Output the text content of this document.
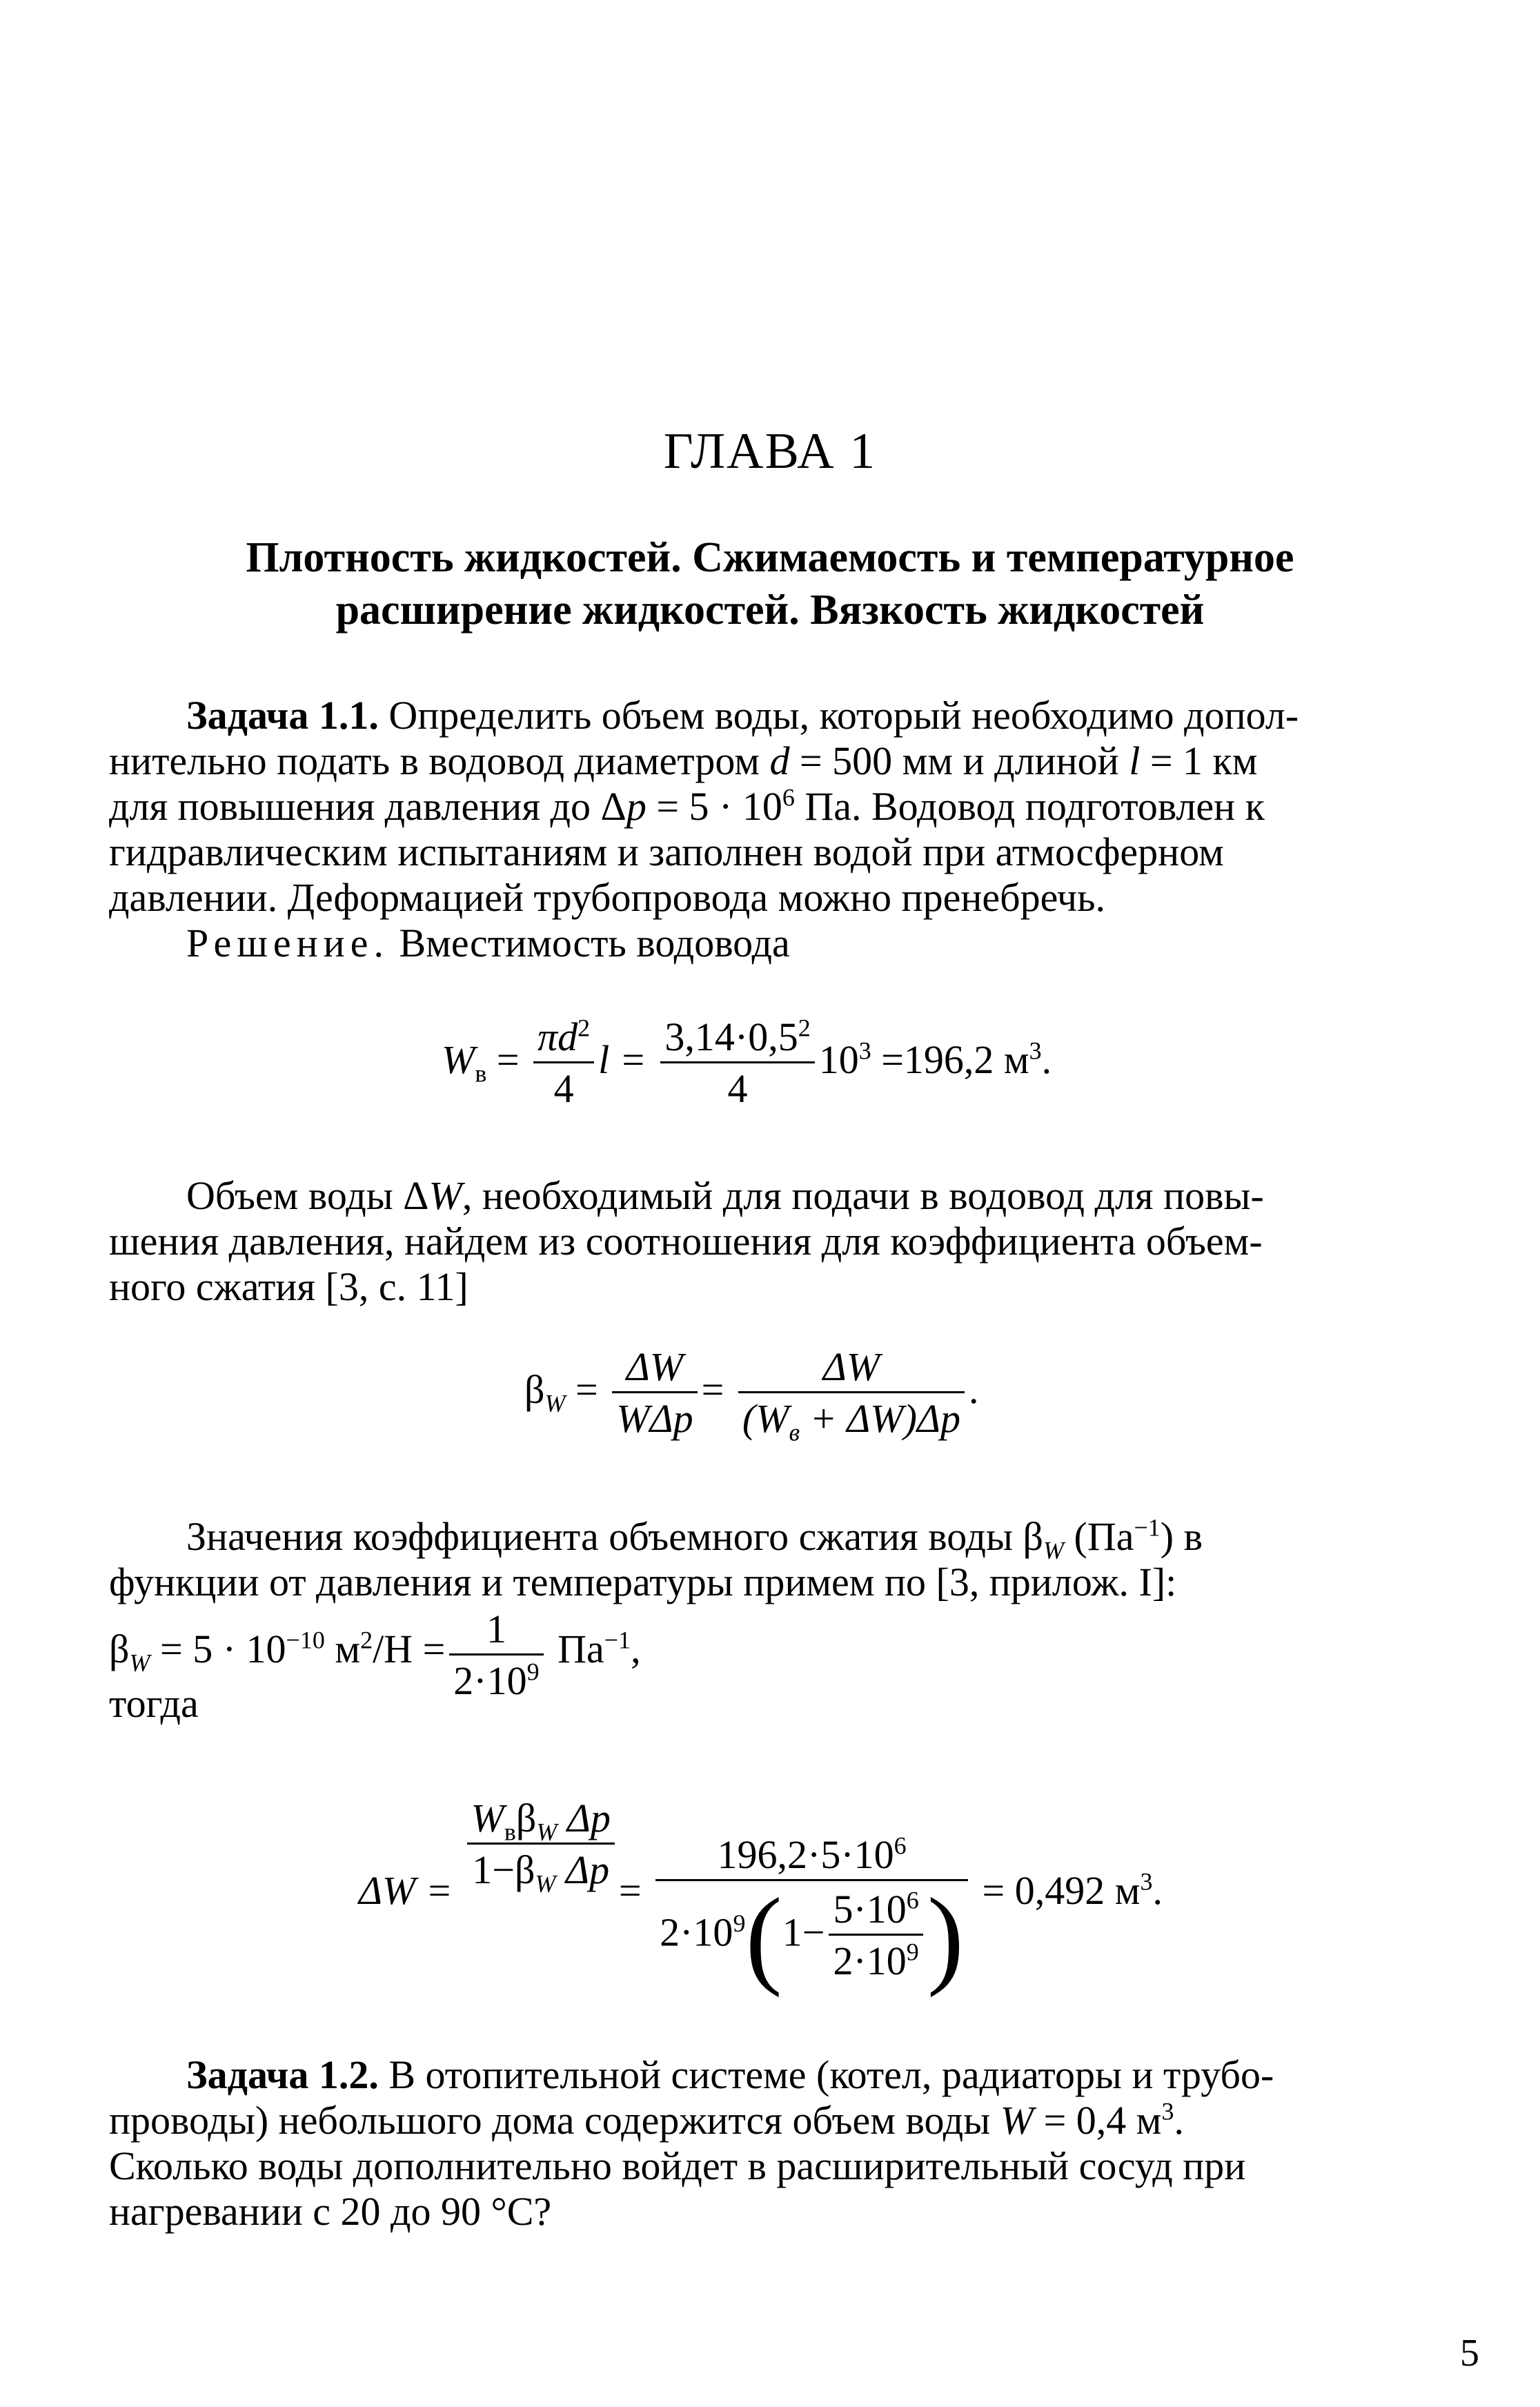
ГЛАВА 1
Плотность жидкостей. Сжимаемость и температурное
расширение жидкостей. Вязкость жидкостей
Задача 1.1. Определить объем воды, который необходимо допол-
нительно подать в водовод диаметром d = 500 мм и длиной l = 1 км
для повышения давления до $\Delta p = 5 \cdot 10^6$ Па. Водовод подготовлен к
гидравлическим испытаниям и заполнен водой при атмосферном
давлении. Деформацией трубопровода можно пренебречь.
Решение. Вместимость водовода
$W_в = \frac{\pi d^2}{4}$ $l = \frac{3,14\cdot 0,5^2}{4} 10^3 =196,2$ $м^3$.
Объем воды ΔW, необходимый для подачи в водовод для повы-
шения давления, найдем из соотношения для коэффициента объем-
ного сжатия [3, с. 11]
$\beta_W = \frac{\Delta W}{\text{WΔp}} = \frac{\Delta W}{(W_в + \Delta W)\Delta p}$ .
Значения коэффициента объемного сжатия воды $\beta_W$ $(Па^{-1})$ в
функции от давления и температуры примем по [3, прилож. I]:
$\beta_W = 5 \cdot 10^{-10}$ $м^2/Н = \frac{1}{2\cdot 10^9} Па^{-1}$,
тогда
$\Delta W = \frac{W_в\beta_W \Delta p}{1-\beta_W \Delta p} = \frac{196,2\cdot 5\cdot 10^6}{2\cdot 10^9(1- \frac{5\cdot 10^6}{2\cdot 10^9} )} = 0,492$ $м^3$.
Задача 1.2. В отопительной системе (котел, радиаторы и трубо-
проводы) небольшого дома содержится объем воды W = 0,4 $м^3$.
Сколько воды дополнительно войдет в расширительный сосуд при
нагревании с 20 до 90 °С?
5
